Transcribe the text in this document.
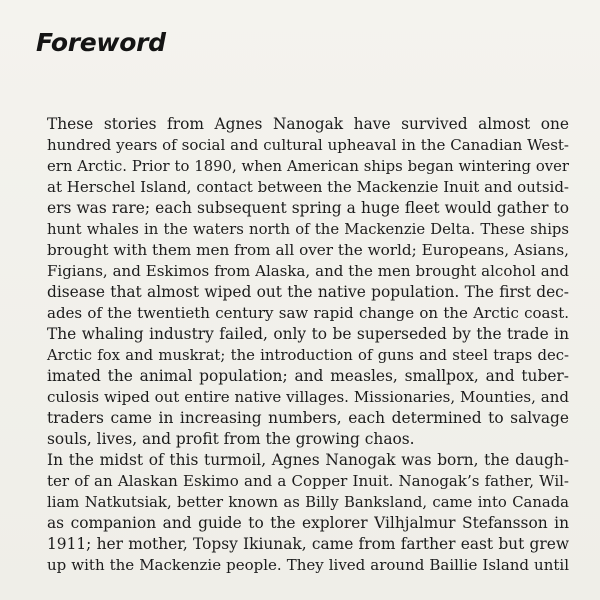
Foreword
These stories from Agnes Nanogak have survived almost one
hundred years of social and cultural upheaval in the Canadian West-
ern Arctic. Prior to 1890, when American ships began wintering over
at Herschel Island, contact between the Mackenzie Inuit and outsid-
ers was rare; each subsequent spring a huge fleet would gather to
hunt whales in the waters north of the Mackenzie Delta. These ships
brought with them men from all over the world; Europeans, Asians,
Figians, and Eskimos from Alaska, and the men brought alcohol and
disease that almost wiped out the native population. The first dec-
ades of the twentieth century saw rapid change on the Arctic coast.
The whaling industry failed, only to be superseded by the trade in
Arctic fox and muskrat; the introduction of guns and steel traps dec-
imated the animal population; and measles, smallpox, and tuber-
culosis wiped out entire native villages. Missionaries, Mounties, and
traders came in increasing numbers, each determined to salvage
souls, lives, and profit from the growing chaos.
In the midst of this turmoil, Agnes Nanogak was born, the daugh-
ter of an Alaskan Eskimo and a Copper Inuit. Nanogak’s father, Wil-
liam Natkutsiak, better known as Billy Banksland, came into Canada
as companion and guide to the explorer Vilhjalmur Stefansson in
1911; her mother, Topsy Ikiunak, came from farther east but grew
up with the Mackenzie people. They lived around Baillie Island until
